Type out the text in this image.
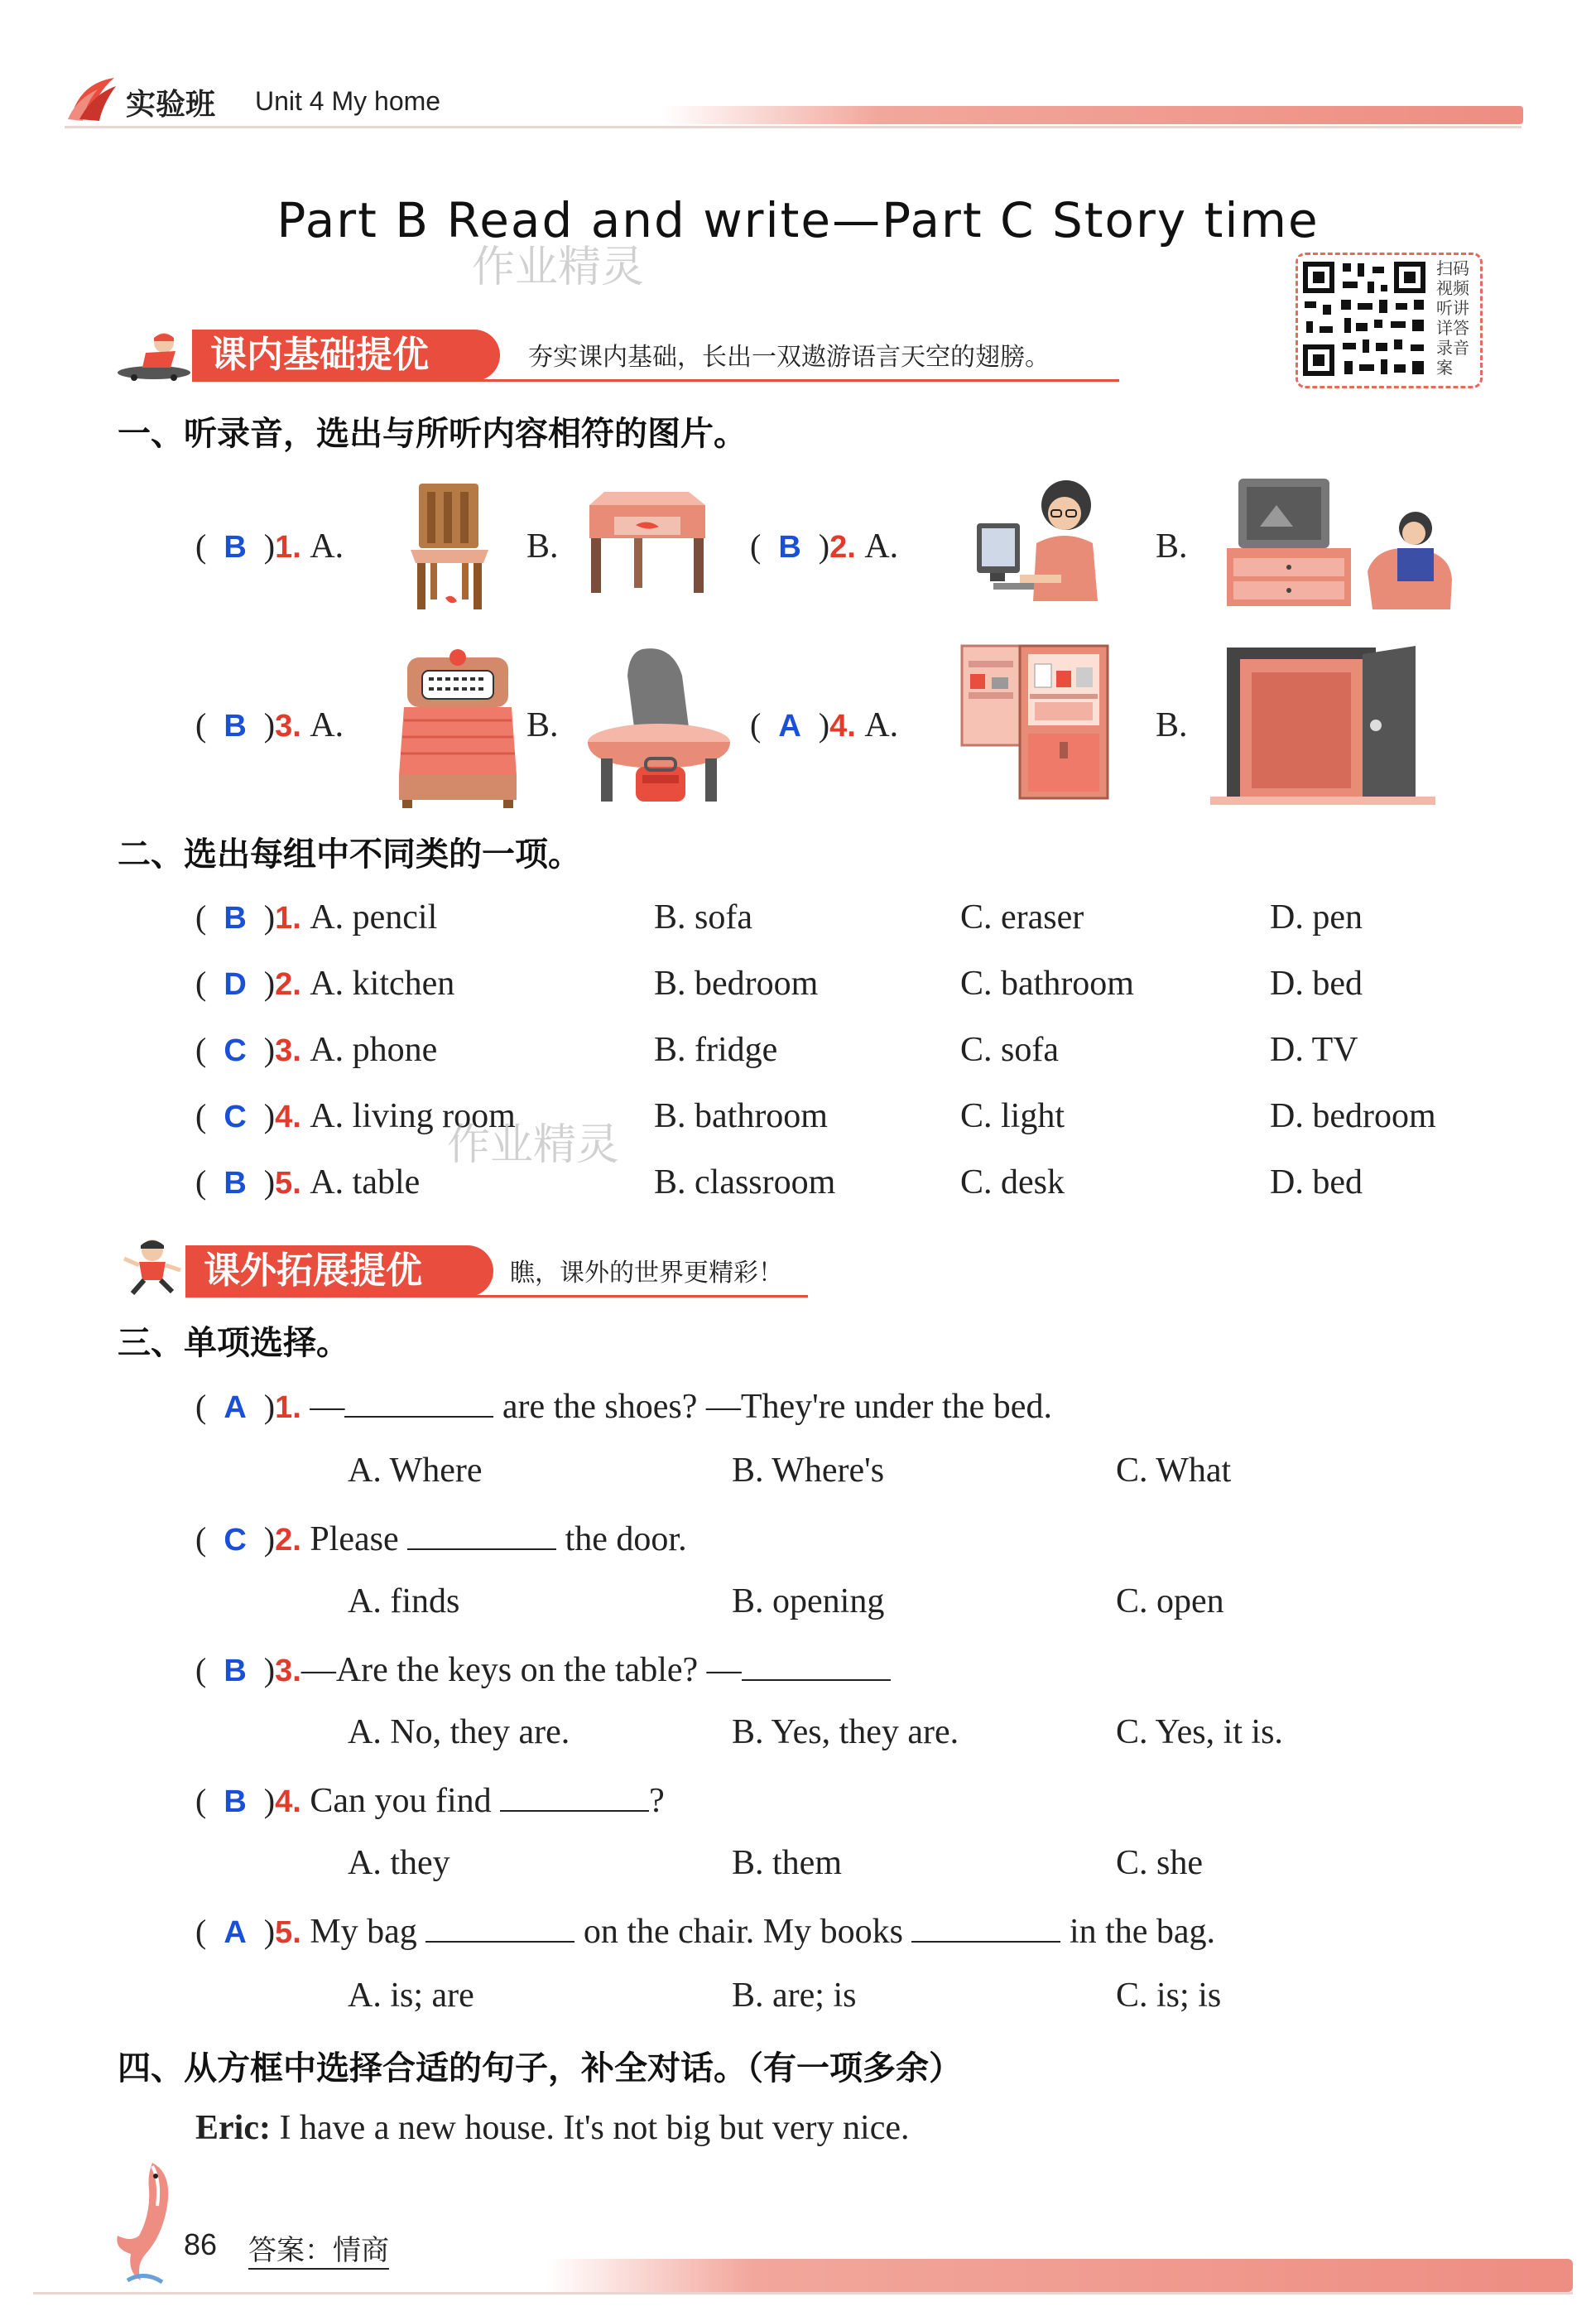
实验班 Unit 4 My home
Part B Read and write—Part C Story time
作业精灵	扫码
视频
听讲
详答
录音
案
课内基础提优	夯实课内基础，长出一双遨游语言天空的翅膀。
一、听录音，选出与所听内容相符的图片。
( B )1. A.	B.	( B )2. A.	B.
( B )3. A.	B.	( A )4. A.	B.
二、选出每组中不同类的一项。
( B )1. A. pencil	B. sofa	C. eraser	D. pen
( D )2. A. kitchen	B. bedroom	C. bathroom	D. bed
( C )3. A. phone	B. fridge	C. sofa	D. TV
( C )4. A. living room	B. bathroom	C. light	D. bedroom
作业精灵
( B )5. A. table	B. classroom	C. desk	D. bed
课外拓展提优	瞧，课外的世界更精彩！
三、单项选择。
( A )1. —	are the shoes? —They're under the bed.
A. Where	B. Where's	C. What
( C )2. Please	the door.
A. finds	B. opening	C. open
( B )3.—Are the keys on the table? —
A. No, they are.	B. Yes, they are.	C. Yes, it is.
( B )4. Can you find	?
A. they	B. them	C. she
( A )5. My bag	on the chair. My books	in the bag.
A. is; are	B. are; is	C. is; is
四、从方框中选择合适的句子，补全对话。（有一项多余）
Eric: I have a new house. It's not big but very nice.
86 答案：情商
